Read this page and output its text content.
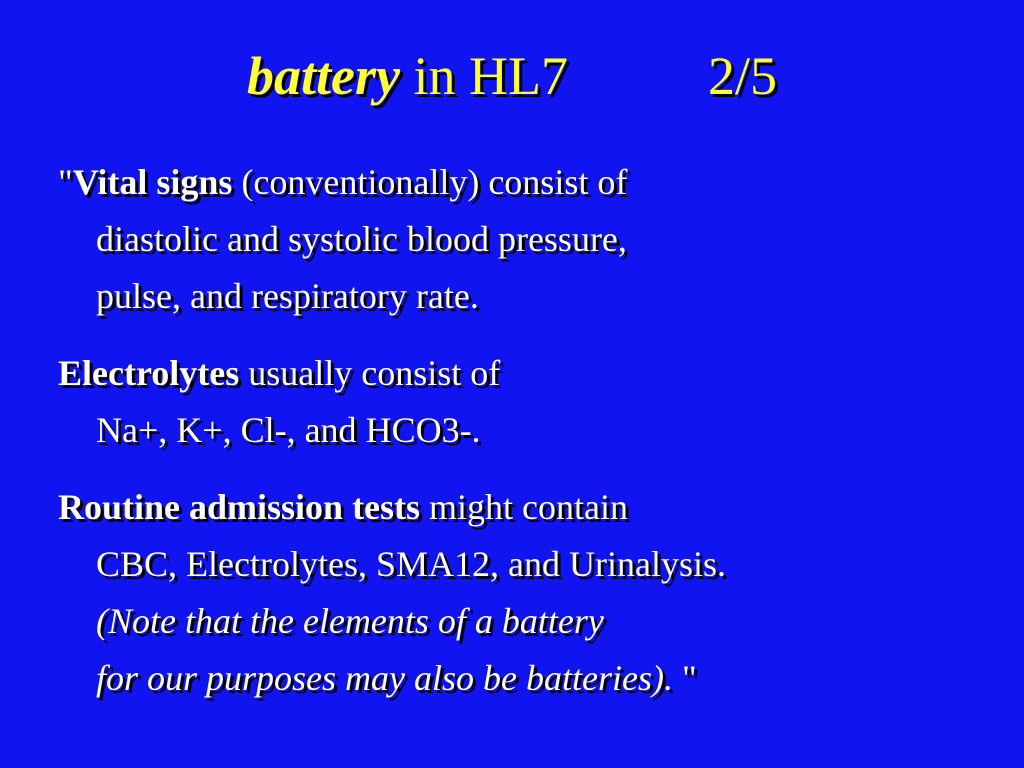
battery in HL7	2/5
"Vital signs (conventionally) consist of
diastolic and systolic blood pressure,
pulse, and respiratory rate.
Electrolytes usually consist of
Na+, K+, Cl-, and HCO3-.
Routine admission tests might contain
CBC, Electrolytes, SMA12, and Urinalysis.
(Note that the elements of a battery
for our purposes may also be batteries). "
